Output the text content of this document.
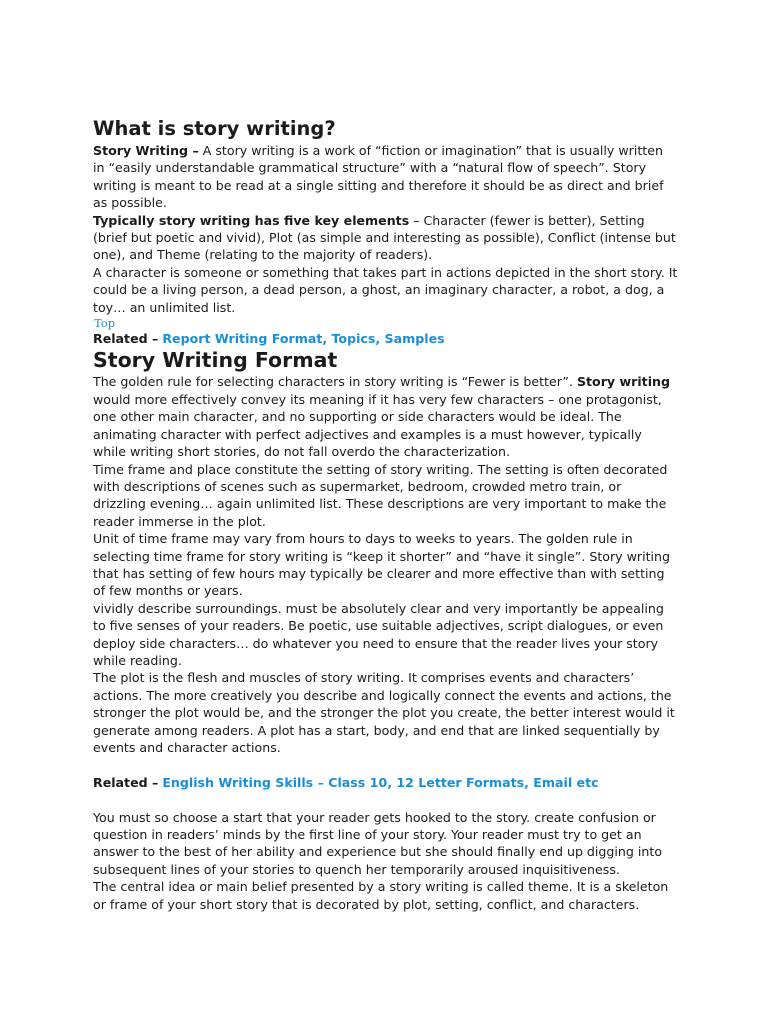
What is story writing?

Story Writing – A story writing is a work of “fiction or imagination” that is usually written in “easily understandable grammatical structure” with a “natural flow of speech”. Story writing is meant to be read at a single sitting and therefore it should be as direct and brief as possible.

Typically story writing has five key elements – Character (fewer is better), Setting (brief but poetic and vivid), Plot (as simple and interesting as possible), Conflict (intense but one), and Theme (relating to the majority of readers).

A character is someone or something that takes part in actions depicted in the short story. It could be a living person, a dead person, a ghost, an imaginary character, a robot, a dog, a toy… an unlimited list.

Top

Related – Report Writing Format, Topics, Samples

Story Writing Format

The golden rule for selecting characters in story writing is “Fewer is better”. Story writing would more effectively convey its meaning if it has very few characters – one protagonist, one other main character, and no supporting or side characters would be ideal. The animating character with perfect adjectives and examples is a must however, typically while writing short stories, do not fall overdo the characterization.

Time frame and place constitute the setting of story writing. The setting is often decorated with descriptions of scenes such as supermarket, bedroom, crowded metro train, or drizzling evening… again unlimited list. These descriptions are very important to make the reader immerse in the plot.

Unit of time frame may vary from hours to days to weeks to years. The golden rule in selecting time frame for story writing is “keep it shorter” and “have it single”. Story writing that has setting of few hours may typically be clearer and more effective than with setting of few months or years.

vividly describe surroundings. must be absolutely clear and very importantly be appealing to five senses of your readers. Be poetic, use suitable adjectives, script dialogues, or even deploy side characters… do whatever you need to ensure that the reader lives your story while reading.

The plot is the flesh and muscles of story writing. It comprises events and characters’ actions. The more creatively you describe and logically connect the events and actions, the stronger the plot would be, and the stronger the plot you create, the better interest would it generate among readers. A plot has a start, body, and end that are linked sequentially by events and character actions.

Related – English Writing Skills – Class 10, 12 Letter Formats, Email etc

You must so choose a start that your reader gets hooked to the story. create confusion or question in readers’ minds by the first line of your story. Your reader must try to get an answer to the best of her ability and experience but she should finally end up digging into subsequent lines of your stories to quench her temporarily aroused inquisitiveness.

The central idea or main belief presented by a story writing is called theme. It is a skeleton or frame of your short story that is decorated by plot, setting, conflict, and characters.
